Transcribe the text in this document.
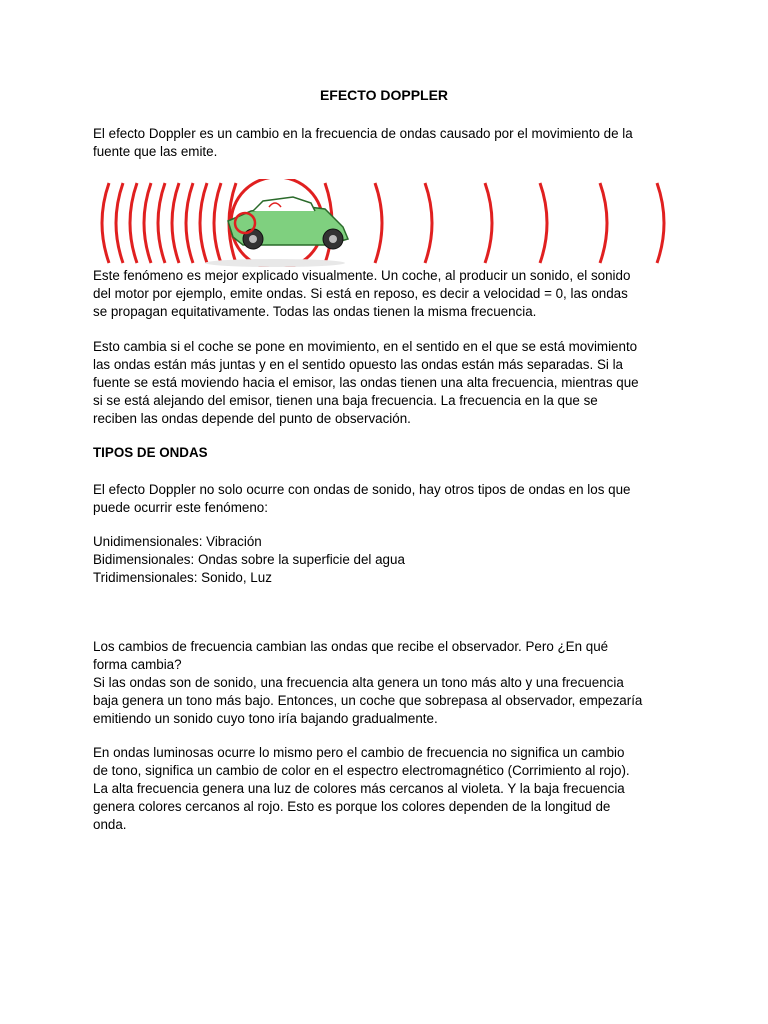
EFECTO DOPPLER

El efecto Doppler es un cambio en la frecuencia de ondas causado por el movimiento de la
fuente que las emite.

Este fenómeno es mejor explicado visualmente. Un coche, al producir un sonido, el sonido
del motor por ejemplo, emite ondas. Si está en reposo, es decir a velocidad = 0, las ondas
se propagan equitativamente. Todas las ondas tienen la misma frecuencia.

Esto cambia si el coche se pone en movimiento, en el sentido en el que se está movimiento
las ondas están más juntas y en el sentido opuesto las ondas están más separadas. Si la
fuente se está moviendo hacia el emisor, las ondas tienen una alta frecuencia, mientras que
si se está alejando del emisor, tienen una baja frecuencia. La frecuencia en la que se
reciben las ondas depende del punto de observación.

TIPOS DE ONDAS

El efecto Doppler no solo ocurre con ondas de sonido, hay otros tipos de ondas en los que
puede ocurrir este fenómeno:

Unidimensionales: Vibración
Bidimensionales: Ondas sobre la superficie del agua
Tridimensionales: Sonido, Luz

Los cambios de frecuencia cambian las ondas que recibe el observador. Pero ¿En qué
forma cambia?
Si las ondas son de sonido, una frecuencia alta genera un tono más alto y una frecuencia
baja genera un tono más bajo. Entonces, un coche que sobrepasa al observador, empezaría
emitiendo un sonido cuyo tono iría bajando gradualmente.

En ondas luminosas ocurre lo mismo pero el cambio de frecuencia no significa un cambio
de tono, significa un cambio de color en el espectro electromagnético (Corrimiento al rojo).
La alta frecuencia genera una luz de colores más cercanos al violeta. Y la baja frecuencia
genera colores cercanos al rojo. Esto es porque los colores dependen de la longitud de
onda.
